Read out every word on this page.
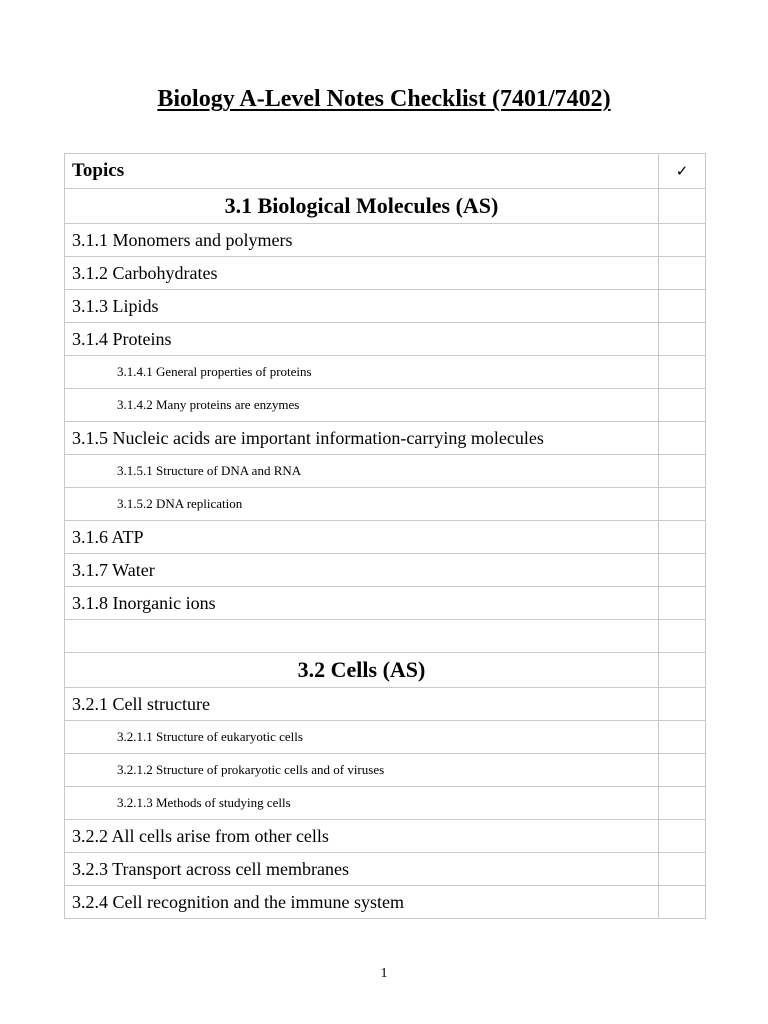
Biology A-Level Notes Checklist (7401/7402)
Topics	✓
3.1 Biological Molecules (AS)	
3.1.1 Monomers and polymers	
3.1.2 Carbohydrates	
3.1.3 Lipids	
3.1.4 Proteins	
3.1.4.1 General properties of proteins	
3.1.4.2 Many proteins are enzymes	
3.1.5 Nucleic acids are important information-carrying molecules	
3.1.5.1 Structure of DNA and RNA	
3.1.5.2 DNA replication	
3.1.6 ATP	
3.1.7 Water	
3.1.8 Inorganic ions	

3.2 Cells (AS)	
3.2.1 Cell structure	
3.2.1.1 Structure of eukaryotic cells	
3.2.1.2 Structure of prokaryotic cells and of viruses	
3.2.1.3 Methods of studying cells	
3.2.2 All cells arise from other cells	
3.2.3 Transport across cell membranes	
3.2.4 Cell recognition and the immune system	
1
